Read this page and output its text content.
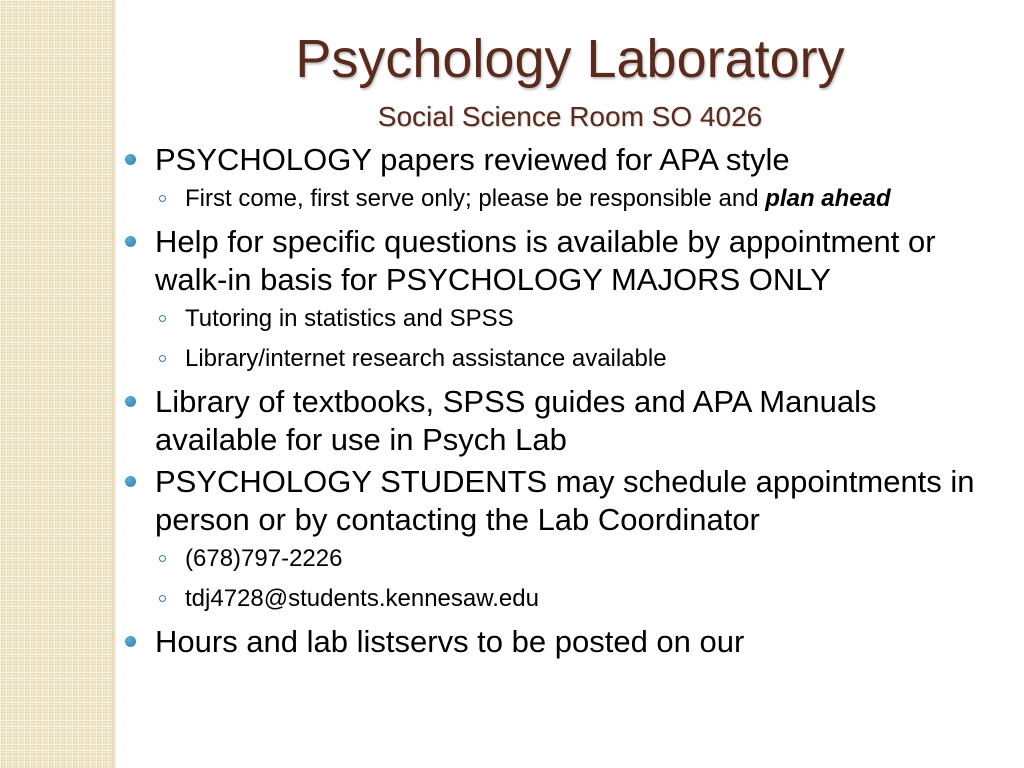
Psychology Laboratory
Social Science Room SO 4026
PSYCHOLOGY papers reviewed for APA style
First come, first serve only; please be responsible and plan ahead
Help for specific questions is available by appointment or walk-in basis for PSYCHOLOGY MAJORS ONLY
Tutoring in statistics and SPSS
Library/internet research assistance available
Library of textbooks, SPSS guides and APA Manuals available for use in Psych Lab
PSYCHOLOGY STUDENTS may schedule appointments in person or by contacting the Lab Coordinator
(678)797-2226
tdj4728@students.kennesaw.edu
Hours and lab listservs to be posted on our
